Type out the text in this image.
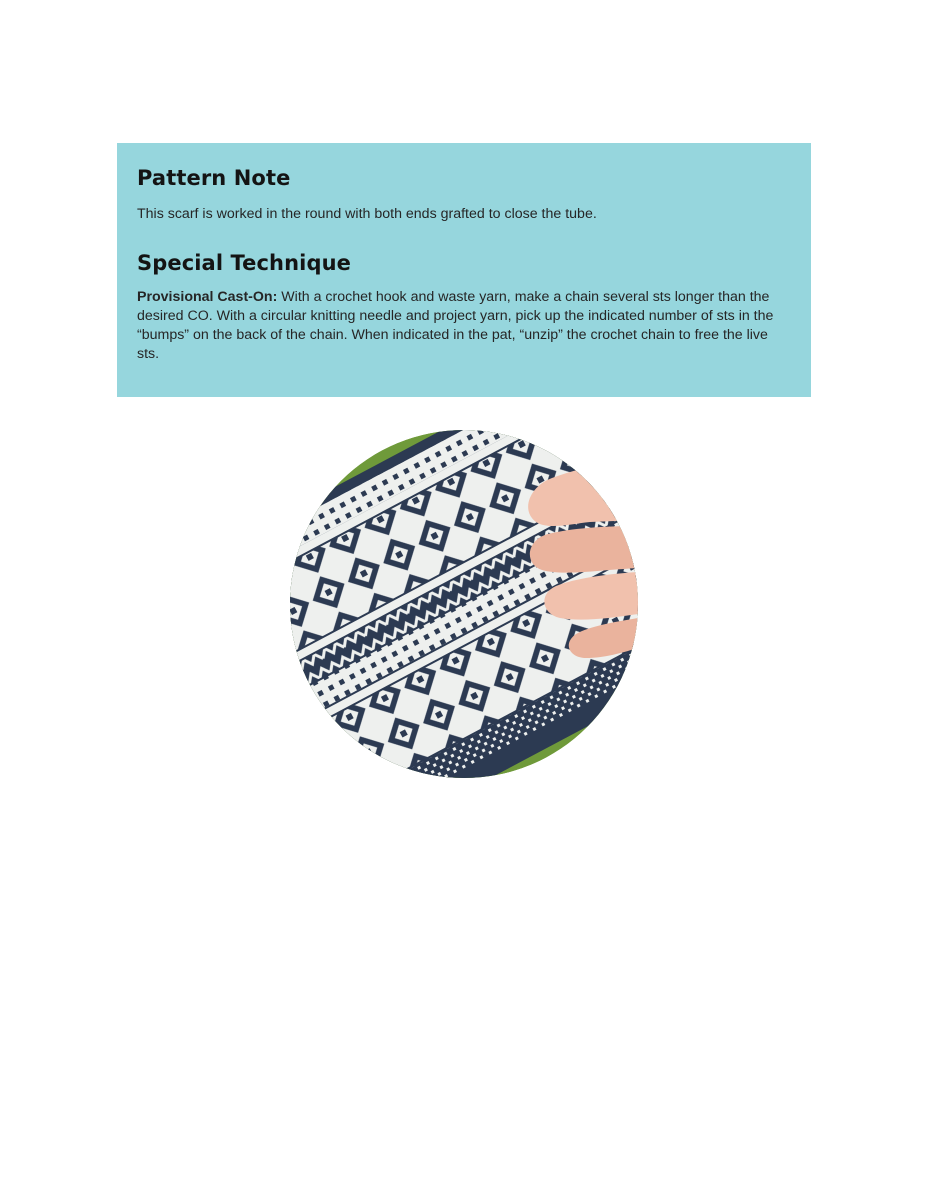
Pattern Note

This scarf is worked in the round with both ends grafted to close the tube.

Special Technique

Provisional Cast-On: With a crochet hook and waste yarn, make a chain several sts longer than the desired CO. With a circular knitting needle and project yarn, pick up the indicated number of sts in the “bumps” on the back of the chain. When indicated in the pat, “unzip” the crochet chain to free the live sts.
